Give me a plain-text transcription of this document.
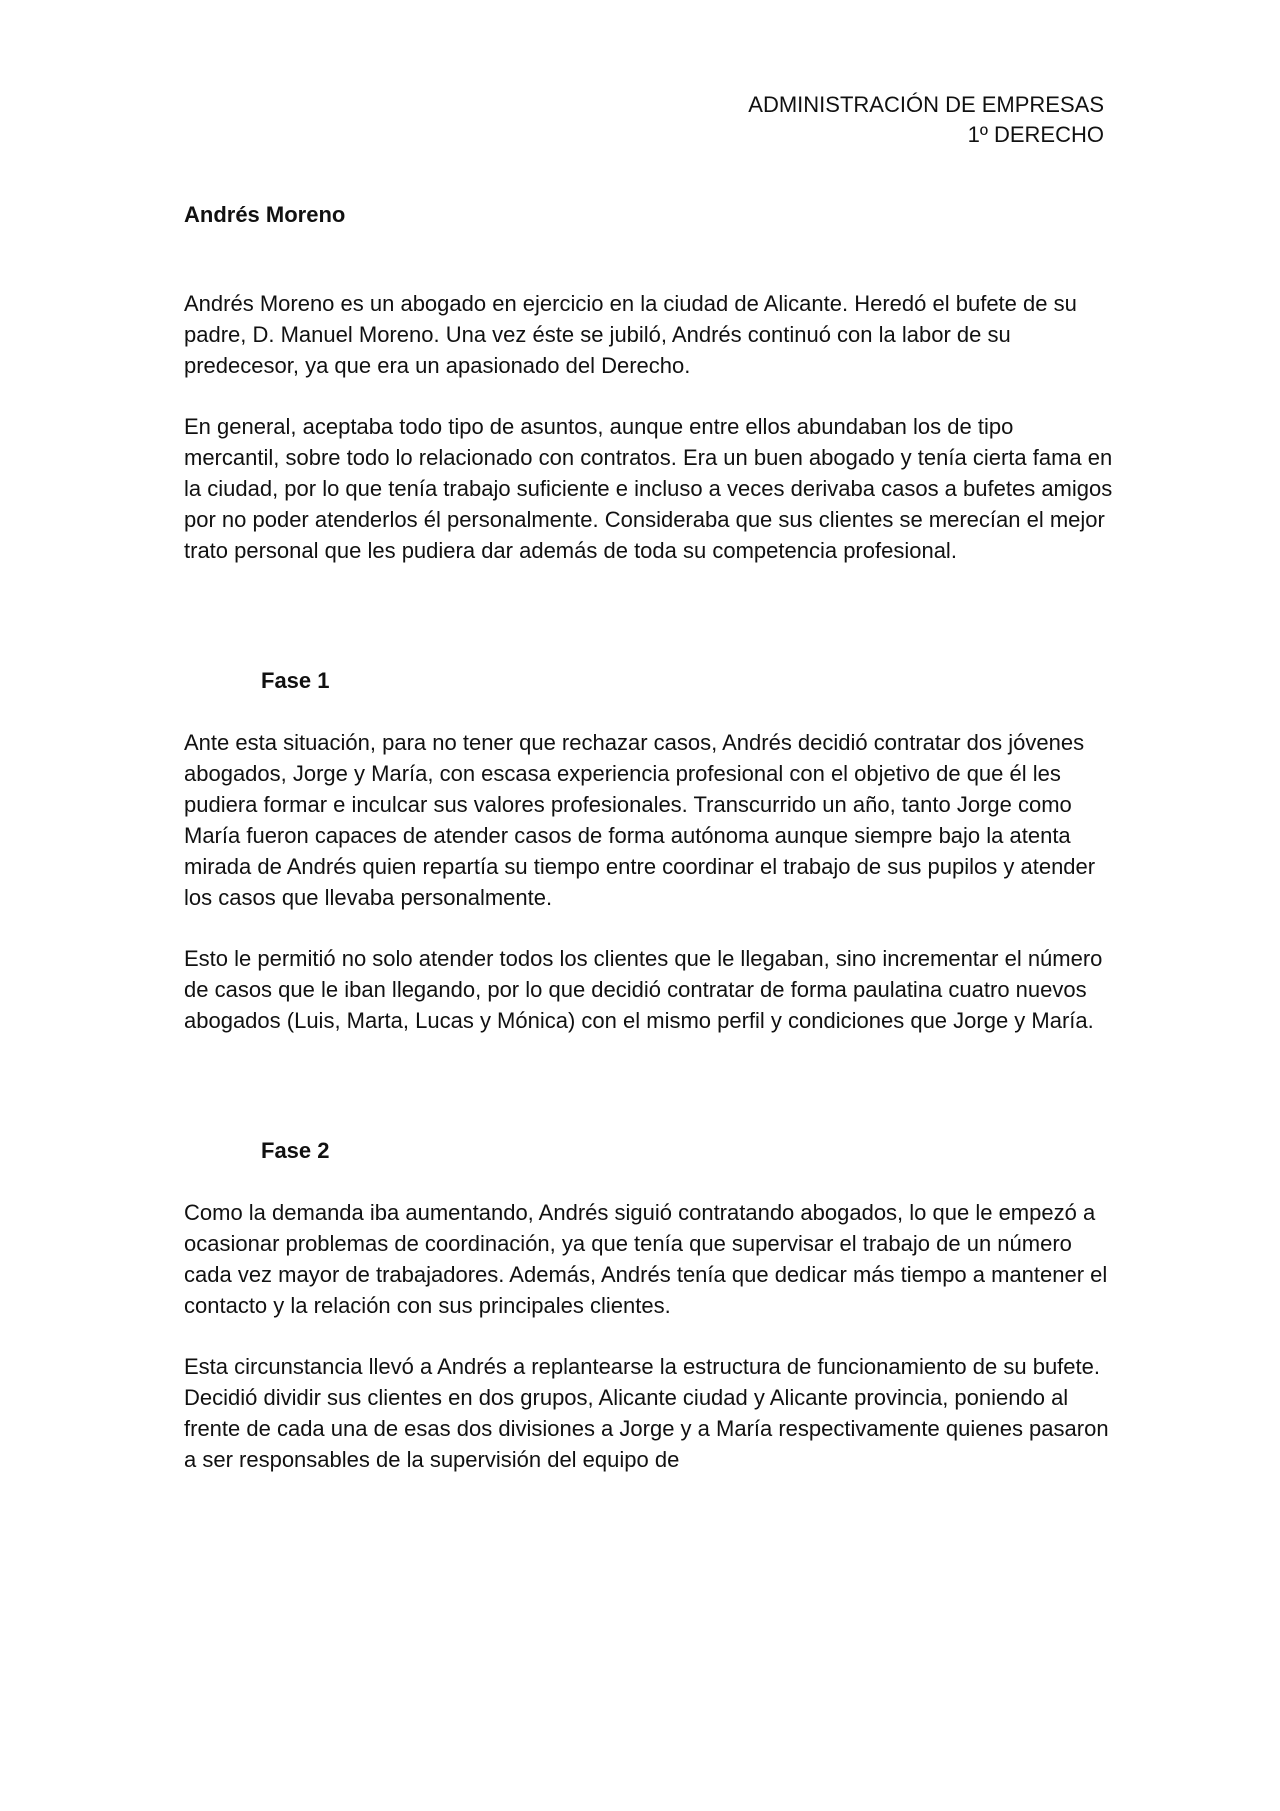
ADMINISTRACIÓN DE EMPRESAS
1º DERECHO
Andrés Moreno

Andrés Moreno es un abogado en ejercicio en la ciudad de Alicante. Heredó el bufete de su padre, D. Manuel Moreno. Una vez éste se jubiló, Andrés continuó con la labor de su predecesor, ya que era un apasionado del Derecho.

En general, aceptaba todo tipo de asuntos, aunque entre ellos abundaban los de tipo mercantil, sobre todo lo relacionado con contratos. Era un buen abogado y tenía cierta fama en la ciudad, por lo que tenía trabajo suficiente e incluso a veces derivaba casos a bufetes amigos por no poder atenderlos él personalmente. Consideraba que sus clientes se merecían el mejor trato personal que les pudiera dar además de toda su competencia profesional.

Fase 1

Ante esta situación, para no tener que rechazar casos, Andrés decidió contratar dos jóvenes abogados, Jorge y María, con escasa experiencia profesional con el objetivo de que él les pudiera formar e inculcar sus valores profesionales. Transcurrido un año, tanto Jorge como María fueron capaces de atender casos de forma autónoma aunque siempre bajo la atenta mirada de Andrés quien repartía su tiempo entre coordinar el trabajo de sus pupilos y atender los casos que llevaba personalmente.

Esto le permitió no solo atender todos los clientes que le llegaban, sino incrementar el número de casos que le iban llegando, por lo que decidió contratar de forma paulatina cuatro nuevos abogados (Luis, Marta, Lucas y Mónica) con el mismo perfil y condiciones que Jorge y María.

Fase 2

Como la demanda iba aumentando, Andrés siguió contratando abogados, lo que le empezó a ocasionar problemas de coordinación, ya que tenía que supervisar el trabajo de un número cada vez mayor de trabajadores. Además, Andrés tenía que dedicar más tiempo a mantener el contacto y la relación con sus principales clientes.

Esta circunstancia llevó a Andrés a replantearse la estructura de funcionamiento de su bufete. Decidió dividir sus clientes en dos grupos, Alicante ciudad y Alicante provincia, poniendo al frente de cada una de esas dos divisiones a Jorge y a María respectivamente quienes pasaron a ser responsables de la supervisión del equipo de
